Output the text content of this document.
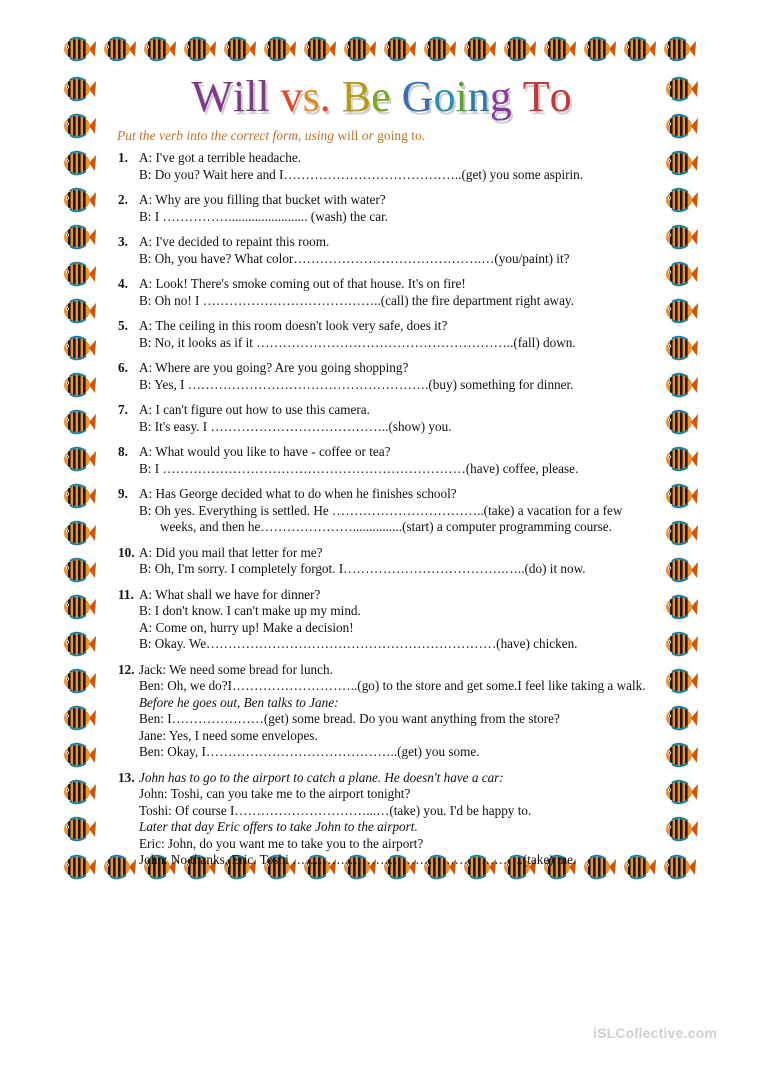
Will vs. Be Going To
Put the verb into the correct form, using will or going to.
1. A: I've got a terrible headache.
B: Do you? Wait here and I…………………………………..(get) you some aspirin.
2. A: Why are you filling that bucket with water?
B: I ……………........................ (wash) the car.
3. A: I've decided to repaint this room.
B: Oh, you have? What color…………………………………….…(you/paint) it?
4. A: Look! There's smoke coming out of that house. It's on fire!
B: Oh no! I …………………………………..(call) the fire department right away.
5. A: The ceiling in this room doesn't look very safe, does it?
B: No, it looks as if it …………………………………………………..(fall) down.
6. A: Where are you going? Are you going shopping?
B: Yes, I ……………………………………………….(buy) something for dinner.
7. A: I can't figure out how to use this camera.
B: It's easy. I …………………………………..(show) you.
8. A: What would you like to have - coffee or tea?
B: I ……………………………………………………………(have) coffee, please.
9. A: Has George decided what to do when he finishes school?
B: Oh yes. Everything is settled. He ……………………………..(take) a vacation for a few
weeks, and then he…………………...............(start) a computer programming course.
10. A: Did you mail that letter for me?
B: Oh, I'm sorry. I completely forgot. I……………………………….…..(do) it now.
11. A: What shall we have for dinner?
B: I don't know. I can't make up my mind.
A: Come on, hurry up! Make a decision!
B: Okay. We…………………………………………………………(have) chicken.
12. Jack: We need some bread for lunch.
Ben: Oh, we do?I………………………..(go) to the store and get some.I feel like taking a walk.
Before he goes out, Ben talks to Jane:
Ben: I…………………(get) some bread. Do you want anything from the store?
Jane: Yes, I need some envelopes.
Ben: Okay, I……………………………………..(get) you some.
13. John has to go to the airport to catch a plane. He doesn't have a car:
John: Toshi, can you take me to the airport tonight?
Toshi: Of course I…………………………...…(take) you. I'd be happy to.
Later that day Eric offers to take John to the airport.
Eric: John, do you want me to take you to the airport?
John: No thanks, Eric. Toshi ……………………………………………..(take) me.
iSLCollective.com
